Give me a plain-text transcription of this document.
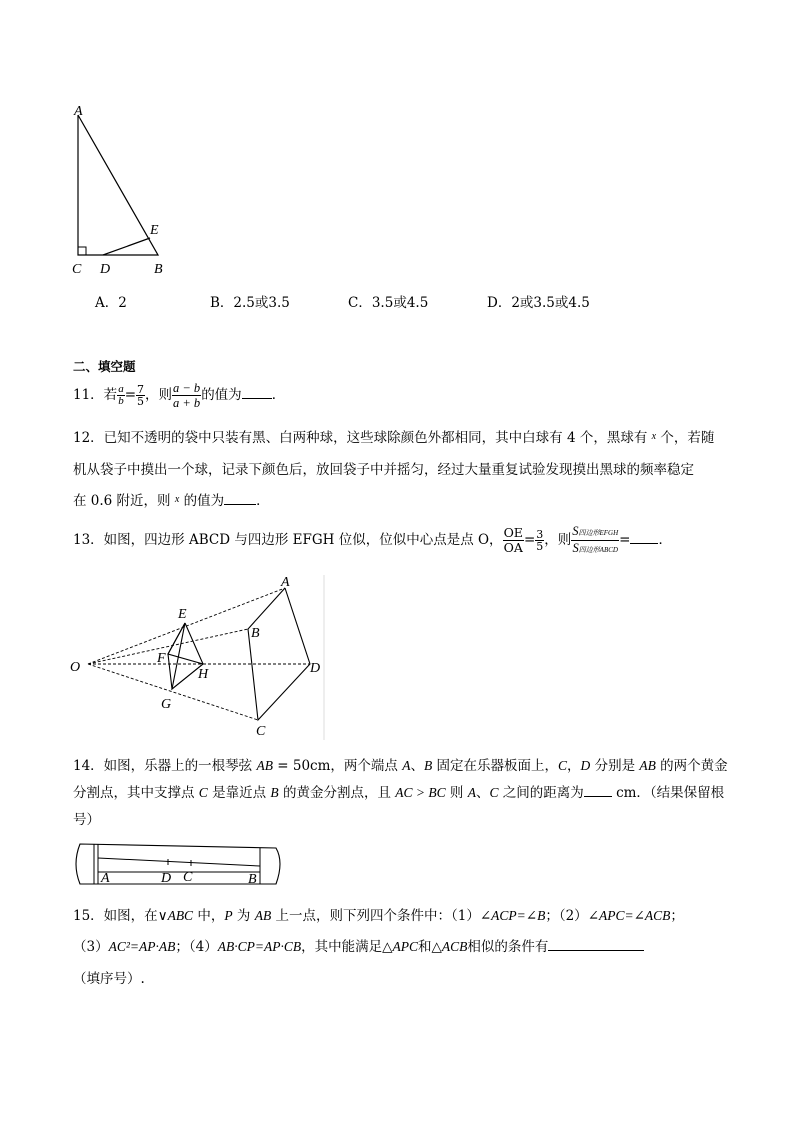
A
C D	B
E
A．2	B．2.5或3.5	C．3.5或4.5	D．2或3.5或4.5
二、填空题
11．若 $\frac{a}{b} = \frac{7}{5}$ ，则 $\frac{a - b}{a + b}$ 的值为 ．
12．已知不透明的袋中只装有黑、白两种球，这些球除颜色外都相同，其中白球有 4 个，黑球有 $^x$ 个，若随
机从袋子中摸出一个球，记录下颜色后，放回袋子中并摇匀，经过大量重复试验发现摸出黑球的频率稳定
在 0.6 附近，则 $^x$ 的值为 ．
13．如图，四边形 ABCD 与四边形 EFGH 位似，位似中心点是点 O， $\frac{OE}{OA} = \frac{3}{5}$ ，则 $\frac{\text{S四边形EFGH}}{\text{S四边形ABCD}}$ = ．
O
E
F
H
G
A
B
D
C
14．如图，乐器上的一根琴弦 AB = 50cm，两个端点 A、B 固定在乐器板面上，C，D 分别是 AB 的两个黄金
分割点，其中支撑点 C 是靠近点 B 的黄金分割点，且 AC > BC 则 A、C 之间的距离为 cm．（结果保留根
号）
A	D C	B
15．如图，在∨ABC 中，P 为 AB 上一点，则下列四个条件中：（1）∠ACP=∠B；（2）∠APC=∠ACB；
（3）AC²=AP·AB；（4）AB·CP=AP·CB，其中能满足△APC和△ACB相似的条件有
（填序号）.
